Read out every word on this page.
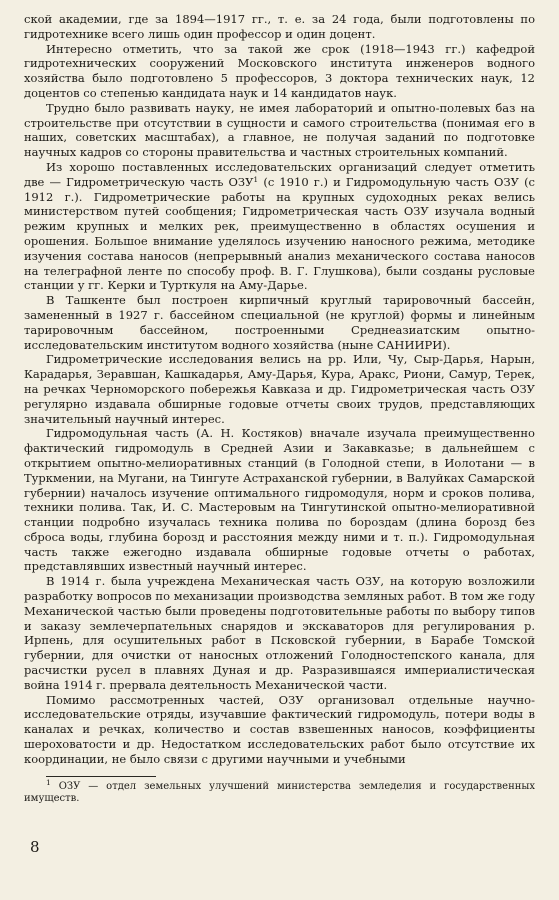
ской академии, где за 1894—1917 гг., т. е. за 24 года, были подготовлены по гидротехнике всего лишь один профессор и один доцент.

Интересно отметить, что за такой же срок (1918—1943 гг.) кафедрой гидротехнических сооружений Московского института инженеров водного хозяйства было подготовлено 5 профессоров, 3 доктора технических наук, 12 доцентов со степенью кандидата наук и 14 кандидатов наук.

Трудно было развивать науку, не имея лабораторий и опытно-полевых баз на строительстве при отсутствии в сущности и самого строительства (понимая его в наших, советских масштабах), а главное, не получая заданий по подготовке научных кадров со стороны правительства и частных строительных компаний.

Из хорошо поставленных исследовательских организаций следует отметить две — Гидрометрическую часть ОЗУ$^1$ (с 1910 г.) и Гидромодульную часть ОЗУ (с 1912 г.). Гидрометрические работы на крупных судоходных реках велись министерством путей сообщения; Гидрометрическая часть ОЗУ изучала водный режим крупных и мелких рек, преимущественно в областях осушения и орошения. Большое внимание уделялось изучению наносного режима, методике изучения состава наносов (непрерывный анализ механического состава наносов на телеграфной ленте по способу проф. В. Г. Глушкова), были созданы русловые станции у гг. Керки и Турткуля на Аму-Дарье.

В Ташкенте был построен кирпичный круглый тарировочный бассейн, замененный в 1927 г. бассейном специальной (не круглой) формы и линейным тарировочным бассейном, построенными Среднеазиатским опытно-исследовательским институтом водного хозяйства (ныне САНИИРИ).

Гидрометрические исследования велись на рр. Или, Чу, Сыр-Дарья, Нарын, Карадарья, Зеравшан, Кашкадарья, Аму-Дарья, Кура, Аракс, Риони, Самур, Терек, на речках Черноморского побережья Кавказа и др. Гидрометрическая часть ОЗУ регулярно издавала обширные годовые отчеты своих трудов, представляющих значительный научный интерес.

Гидромодульная часть (А. Н. Костяков) вначале изучала преимущественно фактический гидромодуль в Средней Азии и Закавказье; в дальнейшем с открытием опытно-мелиоративных станций (в Голодной степи, в Иолотани — в Туркмении, на Мугани, на Тингуте Астраханской губернии, в Валуйках Самарской губернии) началось изучение оптимального гидромодуля, норм и сроков полива, техники полива. Так, И. С. Мастеровым на Тингутинской опытно-мелиоративной станции подробно изучалась техника полива по бороздам (длина борозд без сброса воды, глубина борозд и расстояния между ними и т. п.). Гидромодульная часть также ежегодно издавала обширные годовые отчеты о работах, представлявших известный научный интерес.

В 1914 г. была учреждена Механическая часть ОЗУ, на которую возложили разработку вопросов по механизации производства земляных работ. В том же году Механической частью были проведены подготовительные работы по выбору типов и заказу землечерпательных снарядов и экскаваторов для регулирования р. Ирпень, для осушительных работ в Псковской губернии, в Барабе Томской губернии, для очистки от наносных отложений Голодностепского канала, для расчистки русел в плавнях Дуная и др. Разразившаяся империалистическая война 1914 г. прервала деятельность Механической части.

Помимо рассмотренных частей, ОЗУ организовал отдельные научно-исследовательские отряды, изучавшие фактический гидромодуль, потери воды в каналах и речках, количество и состав взвешенных наносов, коэффициенты шероховатости и др. Недостатком исследовательских работ было отсутствие их координации, не было связи с другими научными и учебными

$^1$ ОЗУ — отдел земельных улучшений министерства земледелия и государственных имуществ.
8
